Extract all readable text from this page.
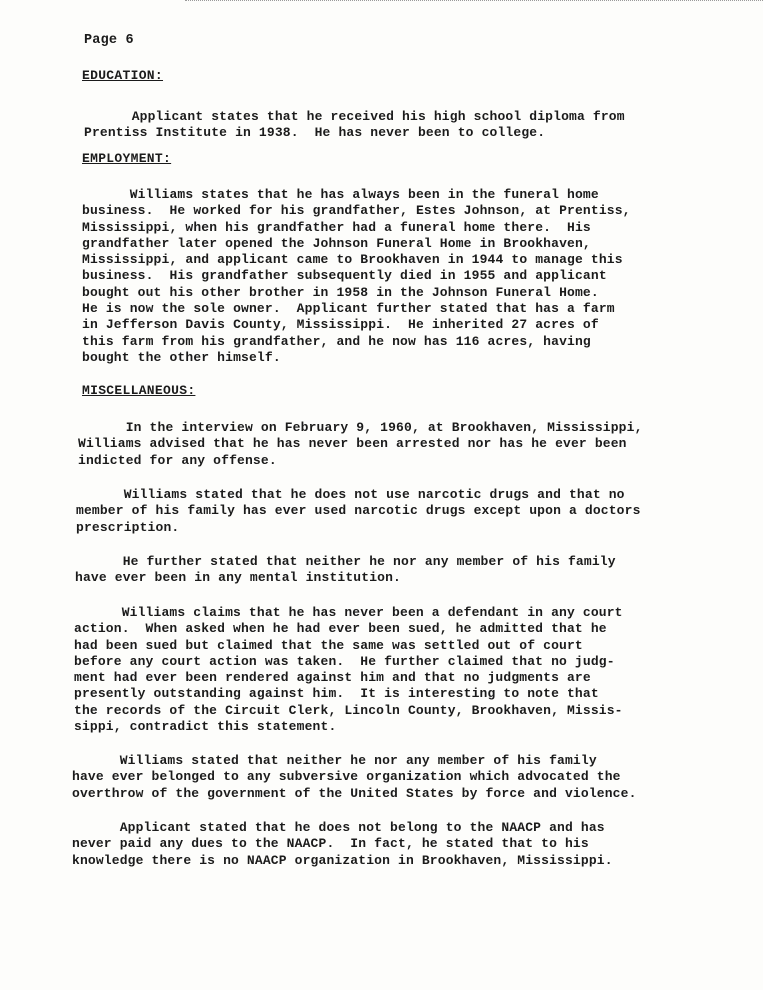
Page 6
EDUCATION:
Applicant states that he received his high school diploma from
Prentiss Institute in 1938.  He has never been to college.
EMPLOYMENT:
Williams states that he has always been in the funeral home
business.  He worked for his grandfather, Estes Johnson, at Prentiss,
Mississippi, when his grandfather had a funeral home there.  His
grandfather later opened the Johnson Funeral Home in Brookhaven,
Mississippi, and applicant came to Brookhaven in 1944 to manage this
business.  His grandfather subsequently died in 1955 and applicant
bought out his other brother in 1958 in the Johnson Funeral Home.
He is now the sole owner.  Applicant further stated that has a farm
in Jefferson Davis County, Mississippi.  He inherited 27 acres of
this farm from his grandfather, and he now has 116 acres, having
bought the other himself.
MISCELLANEOUS:
In the interview on February 9, 1960, at Brookhaven, Mississippi,
Williams advised that he has never been arrested nor has he ever been
indicted for any offense.
Williams stated that he does not use narcotic drugs and that no
member of his family has ever used narcotic drugs except upon a doctors
prescription.
He further stated that neither he nor any member of his family
have ever been in any mental institution.
Williams claims that he has never been a defendant in any court
action.  When asked when he had ever been sued, he admitted that he
had been sued but claimed that the same was settled out of court
before any court action was taken.  He further claimed that no judg-
ment had ever been rendered against him and that no judgments are
presently outstanding against him.  It is interesting to note that
the records of the Circuit Clerk, Lincoln County, Brookhaven, Missis-
sippi, contradict this statement.
Williams stated that neither he nor any member of his family
have ever belonged to any subversive organization which advocated the
overthrow of the government of the United States by force and violence.
Applicant stated that he does not belong to the NAACP and has
never paid any dues to the NAACP.  In fact, he stated that to his
knowledge there is no NAACP organization in Brookhaven, Mississippi.
